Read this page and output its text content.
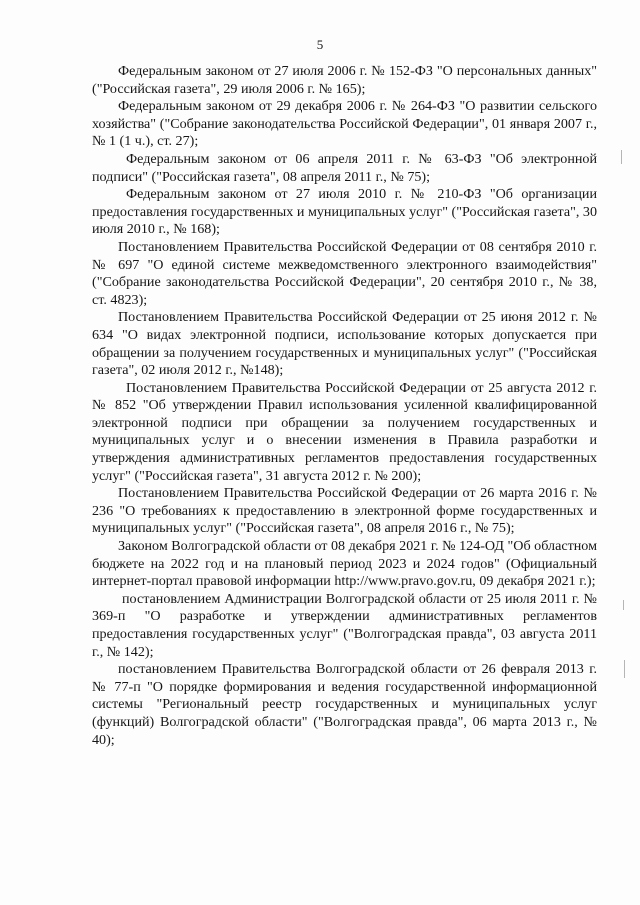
5

Федеральным законом от 27 июля 2006 г. № 152-ФЗ "О персональных данных" ("Российская газета", 29 июля 2006 г. № 165);

Федеральным законом от 29 декабря 2006 г. № 264-ФЗ "О развитии сельского хозяйства" ("Собрание законодательства Российской Федерации", 01 января 2007 г., № 1 (1 ч.), ст. 27);

Федеральным законом от 06 апреля 2011 г. № 63-ФЗ "Об электронной подписи" ("Российская газета", 08 апреля 2011 г., № 75);

Федеральным законом от 27 июля 2010 г. № 210-ФЗ "Об организации предоставления государственных и муниципальных услуг" ("Российская газета", 30 июля 2010 г., № 168);

Постановлением Правительства Российской Федерации от 08 сентября 2010 г. № 697 "О единой системе межведомственного электронного взаимодействия" ("Собрание законодательства Российской Федерации", 20 сентября 2010 г., № 38, ст. 4823);

Постановлением Правительства Российской Федерации от 25 июня 2012 г. № 634 "О видах электронной подписи, использование которых допускается при обращении за получением государственных и муниципальных услуг" ("Российская газета", 02 июля 2012 г., №148);

Постановлением Правительства Российской Федерации от 25 августа 2012 г. № 852 "Об утверждении Правил использования усиленной квалифицированной электронной подписи при обращении за получением государственных и муниципальных услуг и о внесении изменения в Правила разработки и утверждения административных регламентов предоставления государственных услуг" ("Российская газета", 31 августа 2012 г. № 200);

Постановлением Правительства Российской Федерации от 26 марта 2016 г. № 236 "О требованиях к предоставлению в электронной форме государственных и муниципальных услуг" ("Российская газета", 08 апреля 2016 г., № 75);

Законом Волгоградской области от 08 декабря 2021 г. № 124-ОД "Об областном бюджете на 2022 год и на плановый период 2023 и 2024 годов" (Официальный интернет-портал правовой информации http://www.pravo.gov.ru, 09 декабря 2021 г.);

постановлением Администрации Волгоградской области от 25 июля 2011 г. № 369-п "О разработке и утверждении административных регламентов предоставления государственных услуг" ("Волгоградская правда", 03 августа 2011 г., № 142);

постановлением Правительства Волгоградской области от 26 февраля 2013 г. № 77-п "О порядке формирования и ведения государственной информационной системы "Региональный реестр государственных и муниципальных услуг (функций) Волгоградской области" ("Волгоградская правда", 06 марта 2013 г., № 40);
